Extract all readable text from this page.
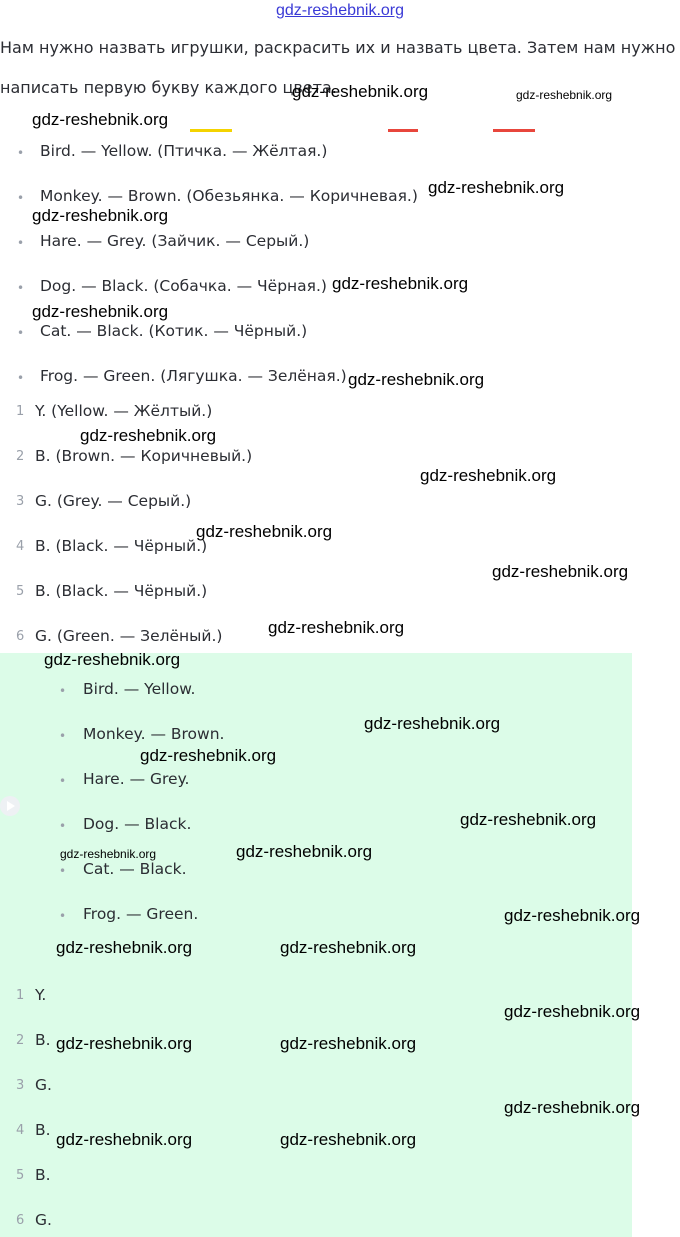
gdz-reshebnik.org
Нам нужно назвать игрушки, раскрасить их и назвать цвета. Затем нам нужно написать первую букву каждого цвета.
• Bird. — Yellow. (Птичка. — Жёлтая.)
• Monkey. — Brown. (Обезьянка. — Коричневая.)
• Hare. — Grey. (Зайчик. — Серый.)
• Dog. — Black. (Собачка. — Чёрная.)
• Cat. — Black. (Котик. — Чёрный.)
• Frog. — Green. (Лягушка. — Зелёная.)
1 Y. (Yellow. — Жёлтый.)
2 B. (Brown. — Коричневый.)
3 G. (Grey. — Серый.)
4 B. (Black. — Чёрный.)
5 B. (Black. — Чёрный.)
6 G. (Green. — Зелёный.)
• Bird. — Yellow.
• Monkey. — Brown.
• Hare. — Grey.
• Dog. — Black.
• Cat. — Black.
• Frog. — Green.
1 Y.
2 B.
3 G.
4 B.
5 B.
6 G.
gdz-reshebnik.org	gdz-reshebnik.org
gdz-reshebnik.org
gdz-reshebnik.org
gdz-reshebnik.org
gdz-reshebnik.org
gdz-reshebnik.org
gdz-reshebnik.org
gdz-reshebnik.org
gdz-reshebnik.org
gdz-reshebnik.org
gdz-reshebnik.org
gdz-reshebnik.org
gdz-reshebnik.org
gdz-reshebnik.org
gdz-reshebnik.org
gdz-reshebnik.org
gdz-reshebnik.org
gdz-reshebnik.org
gdz-reshebnik.org
gdz-reshebnik.org	gdz-reshebnik.org
gdz-reshebnik.org
gdz-reshebnik.org	gdz-reshebnik.org
gdz-reshebnik.org
gdz-reshebnik.org	gdz-reshebnik.org
